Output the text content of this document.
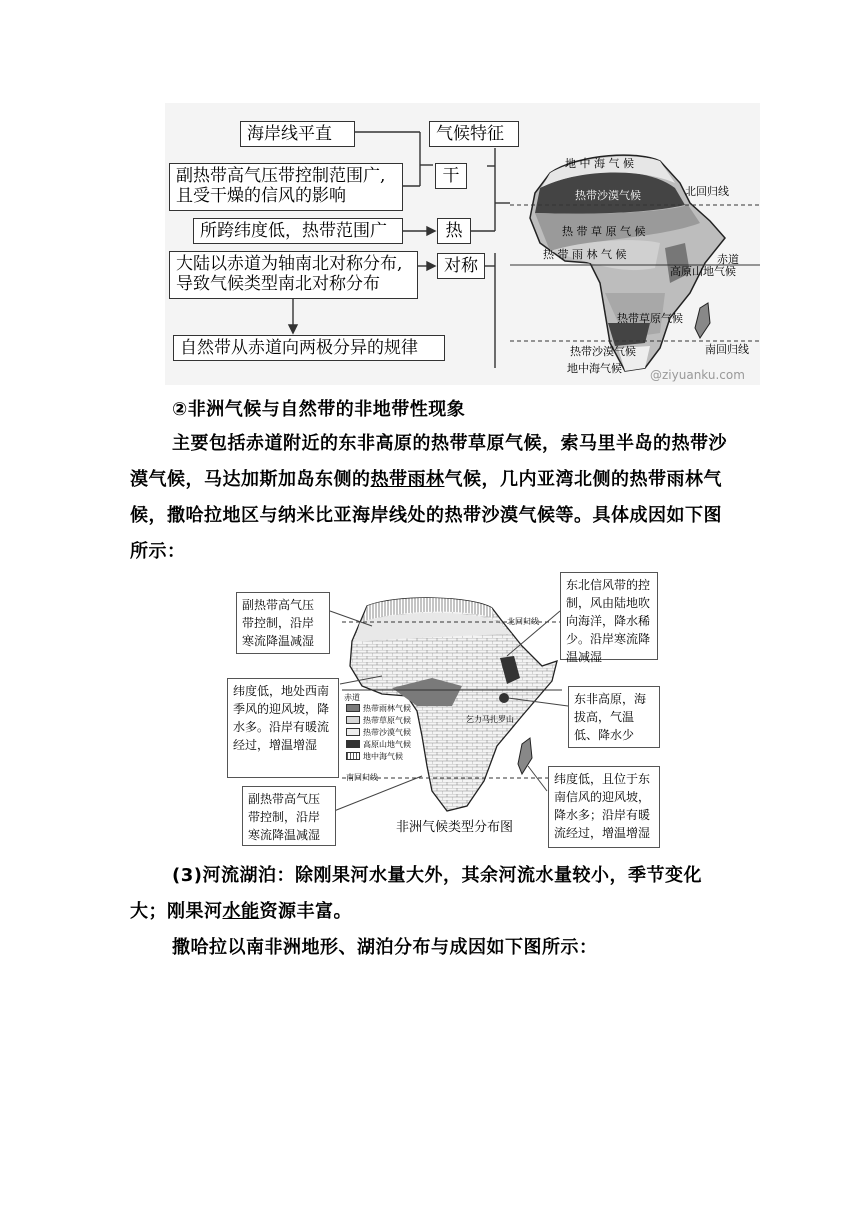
海岸线平直	气候特征
副热带高气压带控制范围广,
且受干燥的信风的影响
干
所跨纬度低，热带范围广	热
大陆以赤道为轴南北对称分布,
导致气候类型南北对称分布
对称
自然带从赤道向两极分异的规律
地 中 海 气 候
热带沙漠气候	北回归线
热 带 草 原 气 候
热 带 雨 林 气 候
高原山地气候
赤道
热带草原气候
热带沙漠气候	南回归线
地中海气候 @ziyuanku.com
②非洲气候与自然带的非地带性现象
主要包括赤道附近的东非高原的热带草原气候，索马里半岛的热带沙漠气候，马达加斯加岛东侧的热带雨林气候，几内亚湾北侧的热带雨林气候，撒哈拉地区与纳米比亚海岸线处的热带沙漠气候等。具体成因如下图所示：
副热带高气压带控制，沿岸寒流降温减湿
纬度低，地处西南季风的迎风坡，降水多。沿岸有暖流经过，增温增湿
副热带高气压带控制，沿岸寒流降温减湿
东北信风带的控制，风由陆地吹向海洋，降水稀少。沿岸寒流降温减湿
东非高原，海拔高，气温低、降水少
纬度低，且位于东南信风的迎风坡，降水多；沿岸有暖流经过，增温增湿
北回归线
赤道
南回归线
乞力马扎罗山
非洲气候类型分布图
热带雨林气候
热带草原气候
热带沙漠气候
高原山地气候
地中海气候
(3)河流湖泊：除刚果河水量大外，其余河流水量较小，季节变化大；刚果河水能资源丰富。
撒哈拉以南非洲地形、湖泊分布与成因如下图所示：
